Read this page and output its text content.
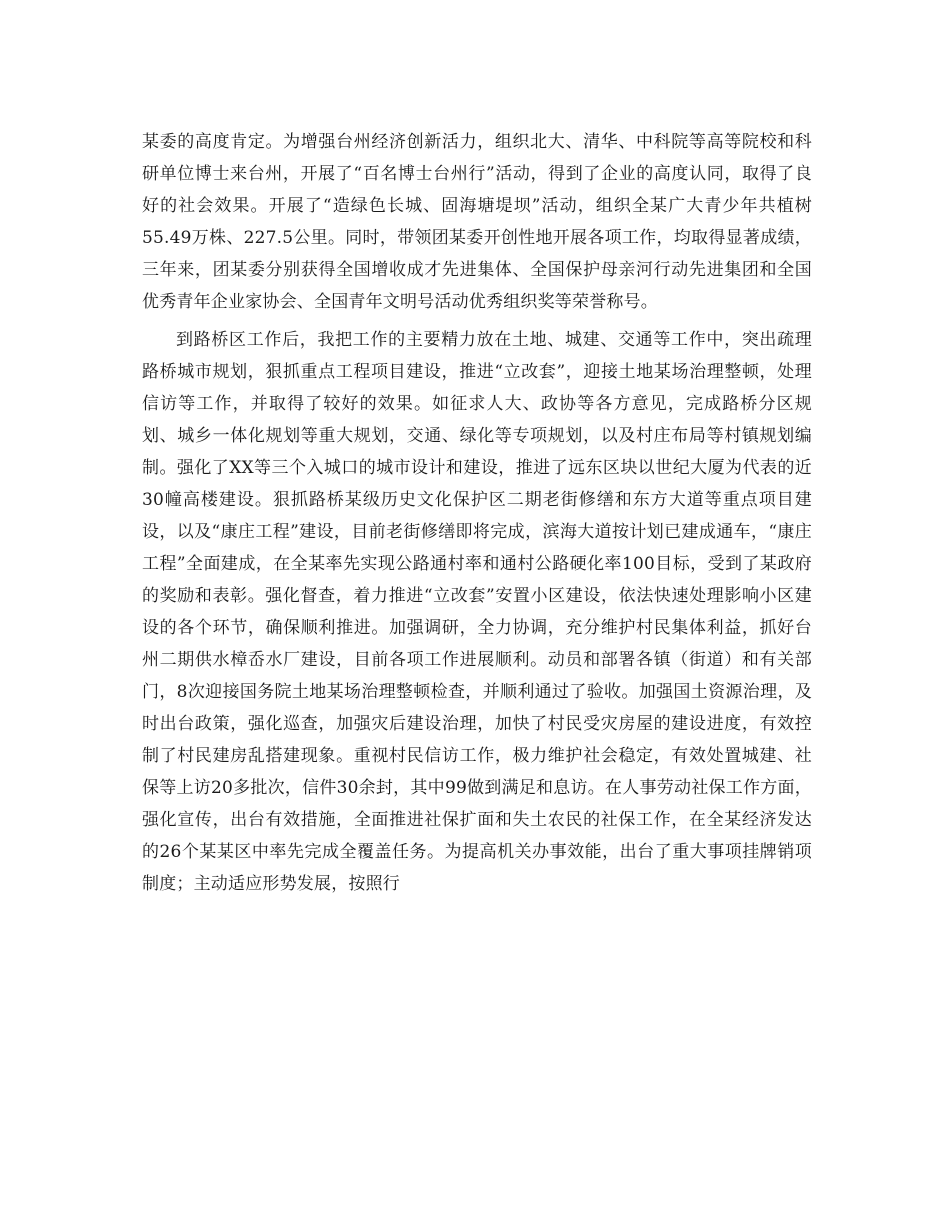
某委的高度肯定。为增强台州经济创新活力，组织北大、清华、中科院等高等院校和科研单位博士来台州，开展了“百名博士台州行”活动，得到了企业的高度认同，取得了良好的社会效果。开展了“造绿色长城、固海塘堤坝”活动，组织全某广大青少年共植树55.49万株、227.5公里。同时，带领团某委开创性地开展各项工作，均取得显著成绩，三年来，团某委分别获得全国增收成才先进集体、全国保护母亲河行动先进集团和全国优秀青年企业家协会、全国青年文明号活动优秀组织奖等荣誉称号。

到路桥区工作后，我把工作的主要精力放在土地、城建、交通等工作中，突出疏理路桥城市规划，狠抓重点工程项目建设，推进“立改套”，迎接土地某场治理整顿，处理信访等工作，并取得了较好的效果。如征求人大、政协等各方意见，完成路桥分区规划、城乡一体化规划等重大规划，交通、绿化等专项规划，以及村庄布局等村镇规划编制。强化了XX等三个入城口的城市设计和建设，推进了远东区块以世纪大厦为代表的近30幢高楼建设。狠抓路桥某级历史文化保护区二期老街修缮和东方大道等重点项目建设，以及“康庄工程”建设，目前老街修缮即将完成，滨海大道按计划已建成通车，“康庄工程”全面建成，在全某率先实现公路通村率和通村公路硬化率100目标，受到了某政府的奖励和表彰。强化督查，着力推进“立改套”安置小区建设，依法快速处理影响小区建设的各个环节，确保顺利推进。加强调研，全力协调，充分维护村民集体利益，抓好台州二期供水樟岙水厂建设，目前各项工作进展顺利。动员和部署各镇（街道）和有关部门，8次迎接国务院土地某场治理整顿检查，并顺利通过了验收。加强国土资源治理，及时出台政策，强化巡查，加强灾后建设治理，加快了村民受灾房屋的建设进度，有效控制了村民建房乱搭建现象。重视村民信访工作，极力维护社会稳定，有效处置城建、社保等上访20多批次，信件30余封，其中99做到满足和息访。在人事劳动社保工作方面，强化宣传，出台有效措施，全面推进社保扩面和失土农民的社保工作，在全某经济发达的26个某某区中率先完成全覆盖任务。为提高机关办事效能，出台了重大事项挂牌销项制度；主动适应形势发展，按照行
